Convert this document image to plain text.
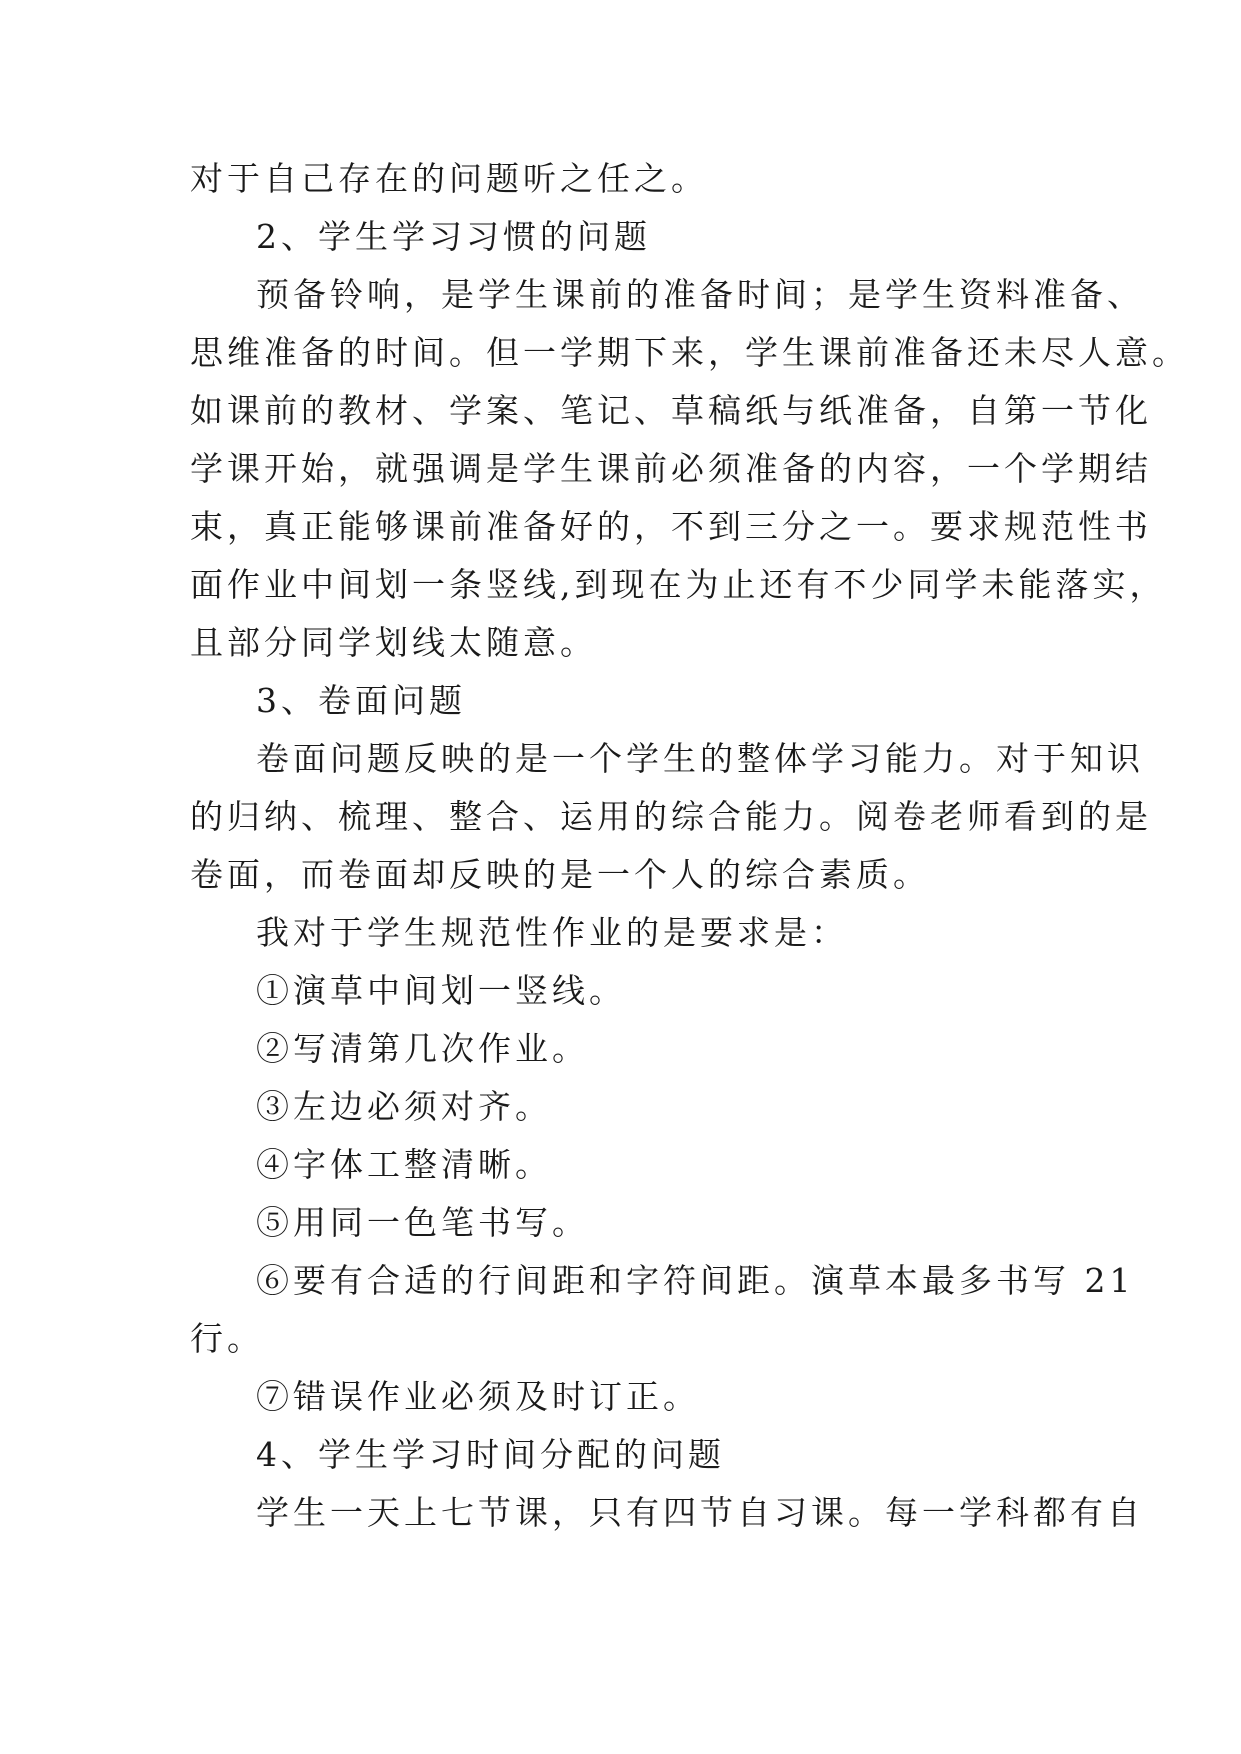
对于自己存在的问题听之任之。
2、学生学习习惯的问题
预备铃响，是学生课前的准备时间；是学生资料准备、
思维准备的时间。但一学期下来，学生课前准备还未尽人意。
如课前的教材、学案、笔记、草稿纸与纸准备，自第一节化
学课开始，就强调是学生课前必须准备的内容，一个学期结
束，真正能够课前准备好的，不到三分之一。要求规范性书
面作业中间划一条竖线,到现在为止还有不少同学未能落实，
且部分同学划线太随意。
3、卷面问题
卷面问题反映的是一个学生的整体学习能力。对于知识
的归纳、梳理、整合、运用的综合能力。阅卷老师看到的是
卷面，而卷面却反映的是一个人的综合素质。
我对于学生规范性作业的是要求是：
①演草中间划一竖线。
②写清第几次作业。
③左边必须对齐。
④字体工整清晰。
⑤用同一色笔书写。
⑥要有合适的行间距和字符间距。演草本最多书写 21
行。
⑦错误作业必须及时订正。
4、学生学习时间分配的问题
学生一天上七节课，只有四节自习课。每一学科都有自
